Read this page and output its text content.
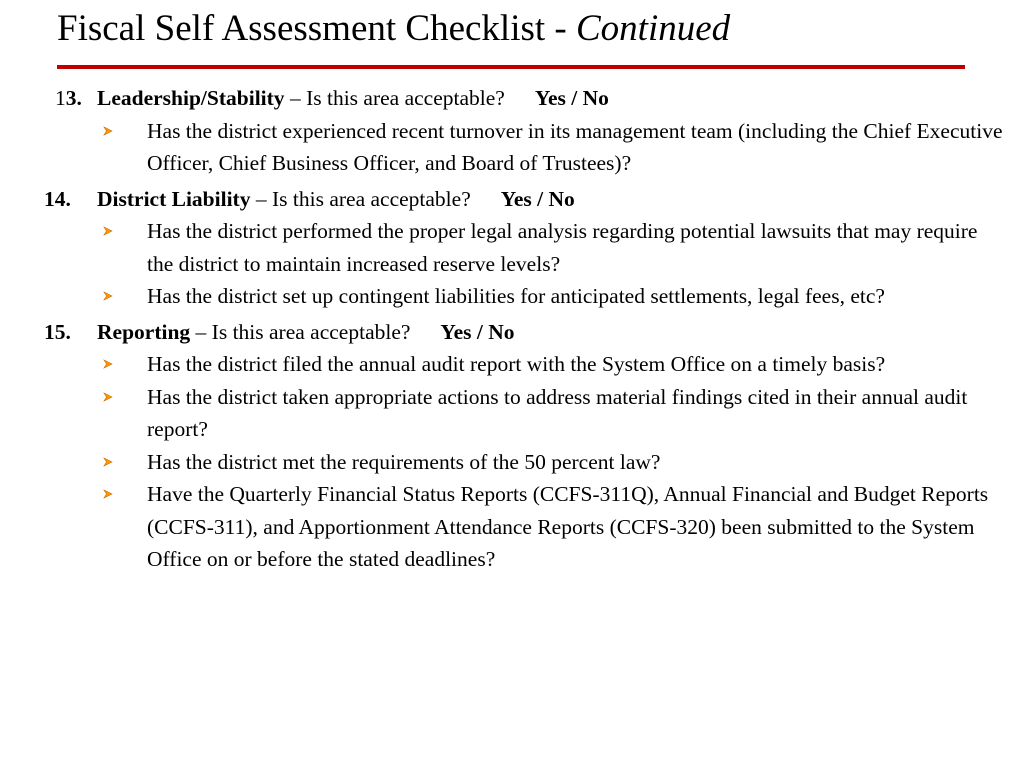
Fiscal Self Assessment Checklist - Continued
13. Leadership/Stability – Is this area acceptable? Yes / No
Has the district experienced recent turnover in its management team (including the Chief Executive Officer, Chief Business Officer, and Board of Trustees)?
14. District Liability – Is this area acceptable? Yes / No
Has the district performed the proper legal analysis regarding potential lawsuits that may require the district to maintain increased reserve levels?
Has the district set up contingent liabilities for anticipated settlements, legal fees, etc?
15. Reporting – Is this area acceptable? Yes / No
Has the district filed the annual audit report with the System Office on a timely basis?
Has the district taken appropriate actions to address material findings cited in their annual audit report?
Has the district met the requirements of the 50 percent law?
Have the Quarterly Financial Status Reports (CCFS-311Q), Annual Financial and Budget Reports (CCFS-311), and Apportionment Attendance Reports (CCFS-320) been submitted to the System Office on or before the stated deadlines?
